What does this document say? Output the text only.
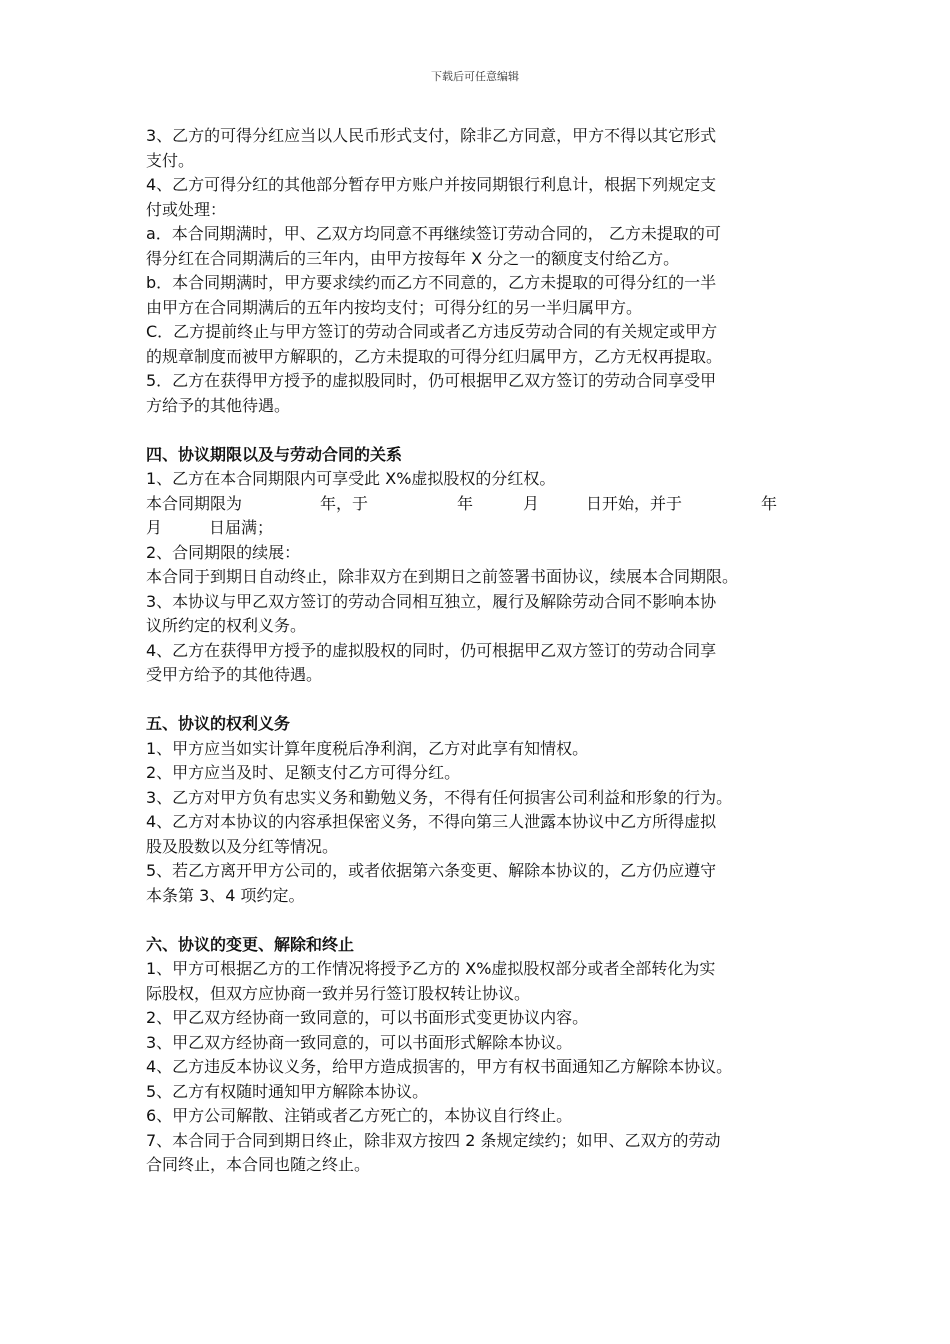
下载后可任意编辑
3、乙方的可得分红应当以人民币形式支付，除非乙方同意，甲方不得以其它形式
支付。
4、乙方可得分红的其他部分暂存甲方账户并按同期银行利息计，根据下列规定支
付或处理：
a．本合同期满时，甲、乙双方均同意不再继续签订劳动合同的， 乙方未提取的可
得分红在合同期满后的三年内，由甲方按每年 X 分之一的额度支付给乙方。
b．本合同期满时，甲方要求续约而乙方不同意的，乙方未提取的可得分红的一半
由甲方在合同期满后的五年内按均支付；可得分红的另一半归属甲方。
C．乙方提前终止与甲方签订的劳动合同或者乙方违反劳动合同的有关规定或甲方
的规章制度而被甲方解职的，乙方未提取的可得分红归属甲方，乙方无权再提取。
5．乙方在获得甲方授予的虚拟股同时，仍可根据甲乙双方签订的劳动合同享受甲
方给予的其他待遇。
四、协议期限以及与劳动合同的关系
1、乙方在本合同期限内可享受此 X%虚拟股权的分红权。
本合同期限为	年，于	年	月	日开始，并于	年
月	日届满；
2、合同期限的续展：
本合同于到期日自动终止，除非双方在到期日之前签署书面协议，续展本合同期限。
3、本协议与甲乙双方签订的劳动合同相互独立，履行及解除劳动合同不影响本协
议所约定的权利义务。
4、乙方在获得甲方授予的虚拟股权的同时，仍可根据甲乙双方签订的劳动合同享
受甲方给予的其他待遇。
五、协议的权利义务
1、甲方应当如实计算年度税后净利润，乙方对此享有知情权。
2、甲方应当及时、足额支付乙方可得分红。
3、乙方对甲方负有忠实义务和勤勉义务，不得有任何损害公司利益和形象的行为。
4、乙方对本协议的内容承担保密义务，不得向第三人泄露本协议中乙方所得虚拟
股及股数以及分红等情况。
5、若乙方离开甲方公司的，或者依据第六条变更、解除本协议的，乙方仍应遵守
本条第 3、4 项约定。
六、协议的变更、解除和终止
1、甲方可根据乙方的工作情况将授予乙方的 X%虚拟股权部分或者全部转化为实
际股权，但双方应协商一致并另行签订股权转让协议。
2、甲乙双方经协商一致同意的，可以书面形式变更协议内容。
3、甲乙双方经协商一致同意的，可以书面形式解除本协议。
4、乙方违反本协议义务，给甲方造成损害的，甲方有权书面通知乙方解除本协议。
5、乙方有权随时通知甲方解除本协议。
6、甲方公司解散、注销或者乙方死亡的，本协议自行终止。
7、本合同于合同到期日终止，除非双方按四 2 条规定续约；如甲、乙双方的劳动
合同终止，本合同也随之终止。
